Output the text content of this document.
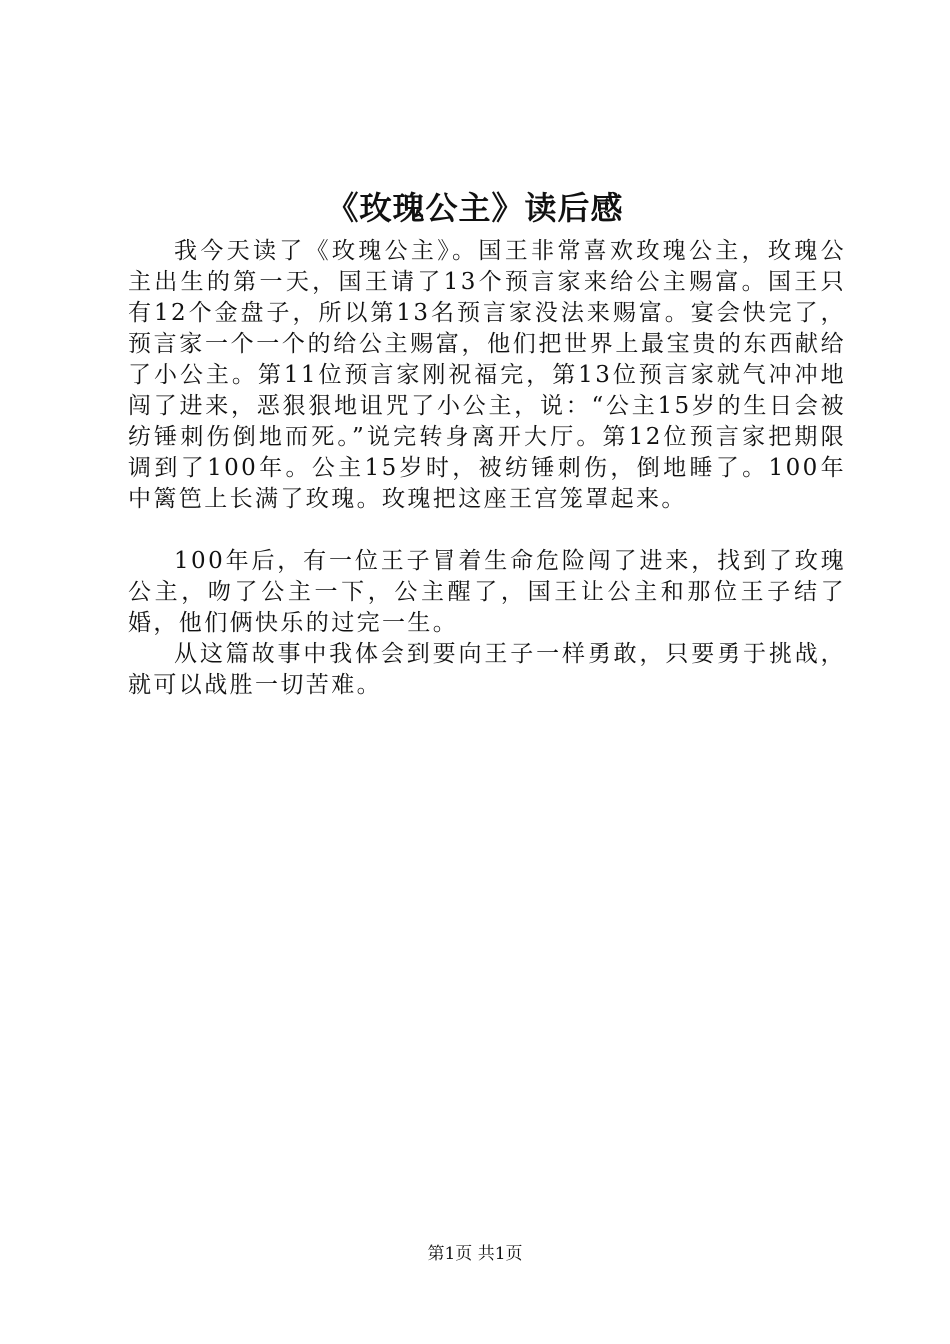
《玫瑰公主》读后感

我今天读了《玫瑰公主》。国王非常喜欢玫瑰公主，玫瑰公主出生的第一天，国王请了13个预言家来给公主赐富。国王只有12个金盘子，所以第13名预言家没法来赐富。宴会快完了，预言家一个一个的给公主赐富，他们把世界上最宝贵的东西献给了小公主。第11位预言家刚祝福完，第13位预言家就气冲冲地闯了进来，恶狠狠地诅咒了小公主，说：“公主15岁的生日会被纺锤刺伤倒地而死。”说完转身离开大厅。第12位预言家把期限调到了100年。公主15岁时，被纺锤刺伤，倒地睡了。100年中篱笆上长满了玫瑰。玫瑰把这座王宫笼罩起来。

100年后，有一位王子冒着生命危险闯了进来，找到了玫瑰公主，吻了公主一下，公主醒了，国王让公主和那位王子结了婚，他们俩快乐的过完一生。

从这篇故事中我体会到要向王子一样勇敢，只要勇于挑战，就可以战胜一切苦难。

第1页 共1页
